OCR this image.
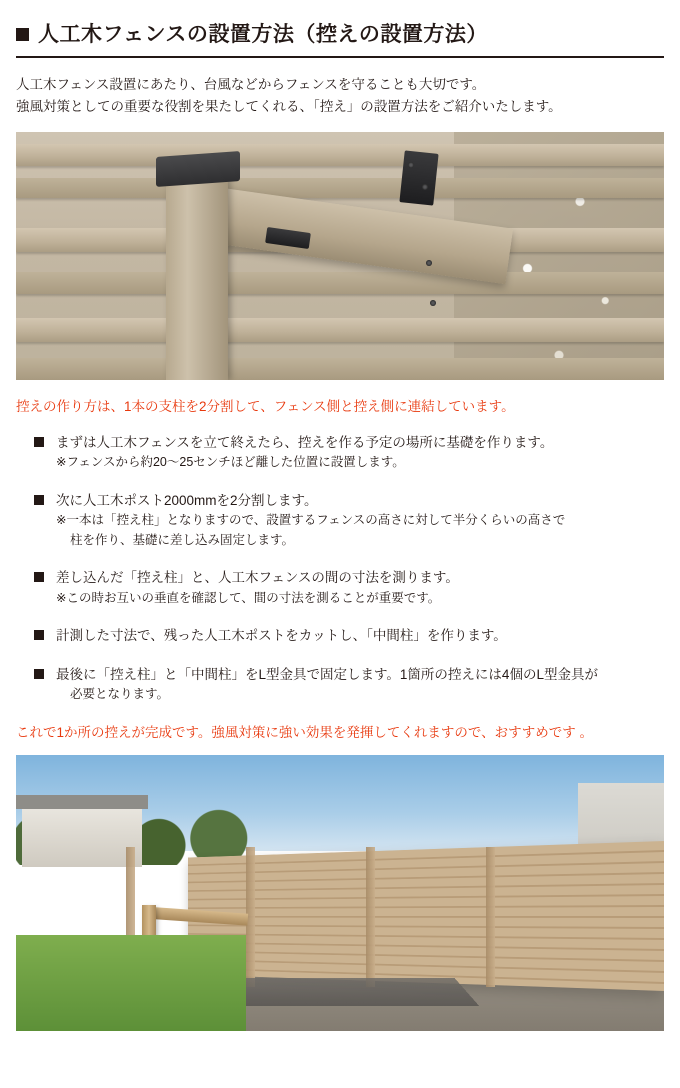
人工木フェンスの設置方法（控えの設置方法）

人工木フェンス設置にあたり、台風などからフェンスを守ることも大切です。

強風対策としての重要な役割を果たしてくれる、「控え」の設置方法をご紹介いたします。

控えの作り方は、1本の支柱を2分割して、フェンス側と控え側に連結しています。
まずは人工木フェンスを立て終えたら、控えを作る予定の場所に基礎を作ります。
※フェンスから約20〜25センチほど離した位置に設置します。
次に人工木ポスト2000mmを2分割します。
※一本は「控え柱」となりますので、設置するフェンスの高さに対して半分くらいの高さで
柱を作り、基礎に差し込み固定します。
差し込んだ「控え柱」と、人工木フェンスの間の寸法を測ります。
※この時お互いの垂直を確認して、間の寸法を測ることが重要です。
計測した寸法で、残った人工木ポストをカットし、「中間柱」を作ります。
最後に「控え柱」と「中間柱」をL型金具で固定します。1箇所の控えには4個のL型金具が
必要となります。
これで1か所の控えが完成です。強風対策に強い効果を発揮してくれますので、おすすめです 。
